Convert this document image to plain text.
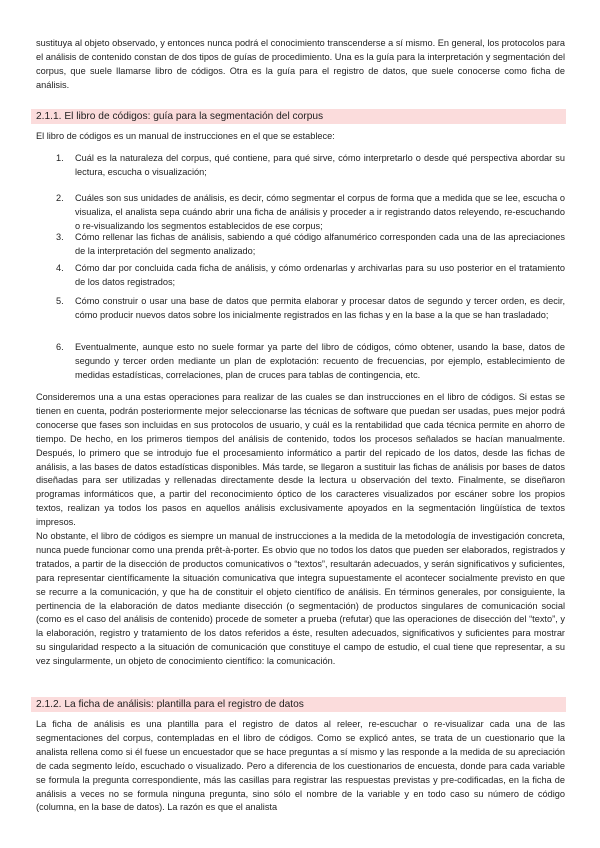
sustituya al objeto observado, y entonces nunca podrá el conocimiento transcenderse a sí mismo. En general, los protocolos para el análisis de contenido constan de dos tipos de guías de procedimiento. Una es la guía para la interpretación y segmentación del corpus, que suele llamarse libro de códigos. Otra es la guía para el registro de datos, que suele conocerse como ficha de análisis.

2.1.1. El libro de códigos: guía para la segmentación del corpus

El libro de códigos es un manual de instrucciones en el que se establece:

1. Cuál es la naturaleza del corpus, qué contiene, para qué sirve, cómo interpretarlo o desde qué perspectiva abordar su lectura, escucha o visualización;
2. Cuáles son sus unidades de análisis, es decir, cómo segmentar el corpus de forma que a medida que se lee, escucha o visualiza, el analista sepa cuándo abrir una ficha de análisis y proceder a ir registrando datos releyendo, re-escuchando o re-visualizando los segmentos establecidos de ese corpus;
3. Cómo rellenar las fichas de análisis, sabiendo a qué código alfanumérico corresponden cada una de las apreciaciones de la interpretación del segmento analizado;
4. Cómo dar por concluida cada ficha de análisis, y cómo ordenarlas y archivarlas para su uso posterior en el tratamiento de los datos registrados;
5. Cómo construir o usar una base de datos que permita elaborar y procesar datos de segundo y tercer orden, es decir, cómo producir nuevos datos sobre los inicialmente registrados en las fichas y en la base a la que se han trasladado;
6. Eventualmente, aunque esto no suele formar ya parte del libro de códigos, cómo obtener, usando la base, datos de segundo y tercer orden mediante un plan de explotación: recuento de frecuencias, por ejemplo, establecimiento de medidas estadísticas, correlaciones, plan de cruces para tablas de contingencia, etc.

Consideremos una a una estas operaciones para realizar de las cuales se dan instrucciones en el libro de códigos. Si estas se tienen en cuenta, podrán posteriormente mejor seleccionarse las técnicas de software que puedan ser usadas, pues mejor podrá conocerse que fases son incluidas en sus protocolos de usuario, y cuál es la rentabilidad que cada técnica permite en ahorro de tiempo. De hecho, en los primeros tiempos del análisis de contenido, todos los procesos señalados se hacían manualmente. Después, lo primero que se introdujo fue el procesamiento informático a partir del repicado de los datos, desde las fichas de análisis, a las bases de datos estadísticas disponibles. Más tarde, se llegaron a sustituir las fichas de análisis por bases de datos diseñadas para ser utilizadas y rellenadas directamente desde la lectura u observación del texto. Finalmente, se diseñaron programas informáticos que, a partir del reconocimiento óptico de los caracteres visualizados por escáner sobre los propios textos, realizan ya todos los pasos en aquellos análisis exclusivamente apoyados en la segmentación lingüística de textos impresos.

No obstante, el libro de códigos es siempre un manual de instrucciones a la medida de la metodología de investigación concreta, nunca puede funcionar como una prenda prêt-à-porter. Es obvio que no todos los datos que pueden ser elaborados, registrados y tratados, a partir de la disección de productos comunicativos o “textos”, resultarán adecuados, y serán significativos y suficientes, para representar científicamente la situación comunicativa que integra supuestamente el acontecer socialmente previsto en que se recurre a la comunicación, y que ha de constituir el objeto científico de análisis. En términos generales, por consiguiente, la pertinencia de la elaboración de datos mediante disección (o segmentación) de productos singulares de comunicación social (como es el caso del análisis de contenido) procede de someter a prueba (refutar) que las operaciones de disección del “texto”, y la elaboración, registro y tratamiento de los datos referidos a éste, resulten adecuados, significativos y suficientes para mostrar su singularidad respecto a la situación de comunicación que constituye el campo de estudio, el cual tiene que representar, a su vez singularmente, un objeto de conocimiento científico: la comunicación.

2.1.2. La ficha de análisis: plantilla para el registro de datos

La ficha de análisis es una plantilla para el registro de datos al releer, re-escuchar o re-visualizar cada una de las segmentaciones del corpus, contempladas en el libro de códigos. Como se explicó antes, se trata de un cuestionario que la analista rellena como si él fuese un encuestador que se hace preguntas a sí mismo y las responde a la medida de su apreciación de cada segmento leído, escuchado o visualizado. Pero a diferencia de los cuestionarios de encuesta, donde para cada variable se formula la pregunta correspondiente, más las casillas para registrar las respuestas previstas y pre-codificadas, en la ficha de análisis a veces no se formula ninguna pregunta, sino sólo el nombre de la variable y en todo caso su número de código (columna, en la base de datos). La razón es que el analista
